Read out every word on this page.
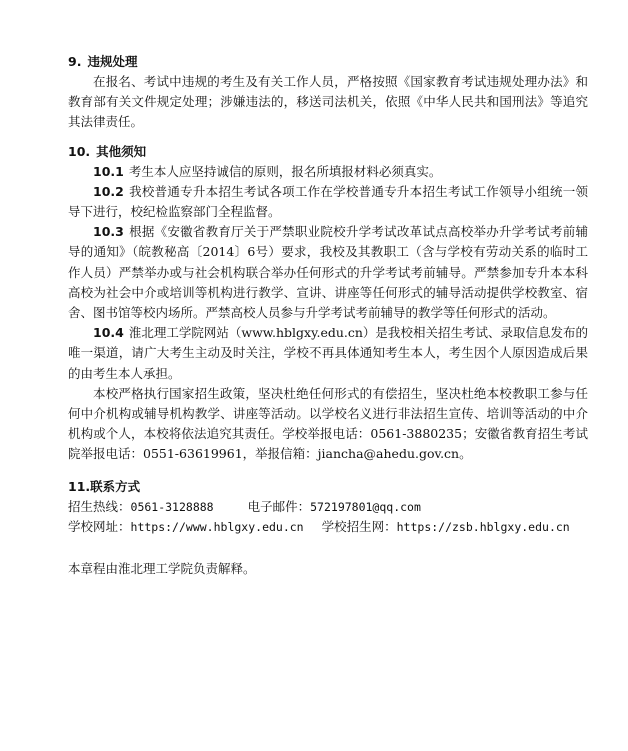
9. 违规处理

在报名、考试中违规的考生及有关工作人员，严格按照《国家教育考试违规处理办法》和教育部有关文件规定处理；涉嫌违法的，移送司法机关，依照《中华人民共和国刑法》等追究其法律责任。

10. 其他须知

10.1 考生本人应坚持诚信的原则，报名所填报材料必须真实。

10.2 我校普通专升本招生考试各项工作在学校普通专升本招生考试工作领导小组统一领导下进行，校纪检监察部门全程监督。

10.3 根据《安徽省教育厅关于严禁职业院校升学考试改革试点高校举办升学考试考前辅导的通知》（皖教秘高〔2014〕6号）要求，我校及其教职工（含与学校有劳动关系的临时工作人员）严禁举办或与社会机构联合举办任何形式的升学考试考前辅导。严禁参加专升本本科高校为社会中介或培训等机构进行教学、宣讲、讲座等任何形式的辅导活动提供学校教室、宿舍、图书馆等校内场所。严禁高校人员参与升学考试考前辅导的教学等任何形式的活动。

10.4 淮北理工学院网站（www.hblgxy.edu.cn）是我校相关招生考试、录取信息发布的唯一渠道，请广大考生主动及时关注，学校不再具体通知考生本人，考生因个人原因造成后果的由考生本人承担。

本校严格执行国家招生政策，坚决杜绝任何形式的有偿招生，坚决杜绝本校教职工参与任何中介机构或辅导机构教学、讲座等活动。以学校名义进行非法招生宣传、培训等活动的中介机构或个人，本校将依法追究其责任。学校举报电话：0561-3880235；安徽省教育招生考试院举报电话：0551-63619961，举报信箱：jiancha@ahedu.gov.cn。

11.联系方式

招生热线：0561-3128888	电子邮件：572197801@qq.com

学校网址：https://www.hblgxy.edu.cn 学校招生网：https://zsb.hblgxy.edu.cn

本章程由淮北理工学院负责解释。
